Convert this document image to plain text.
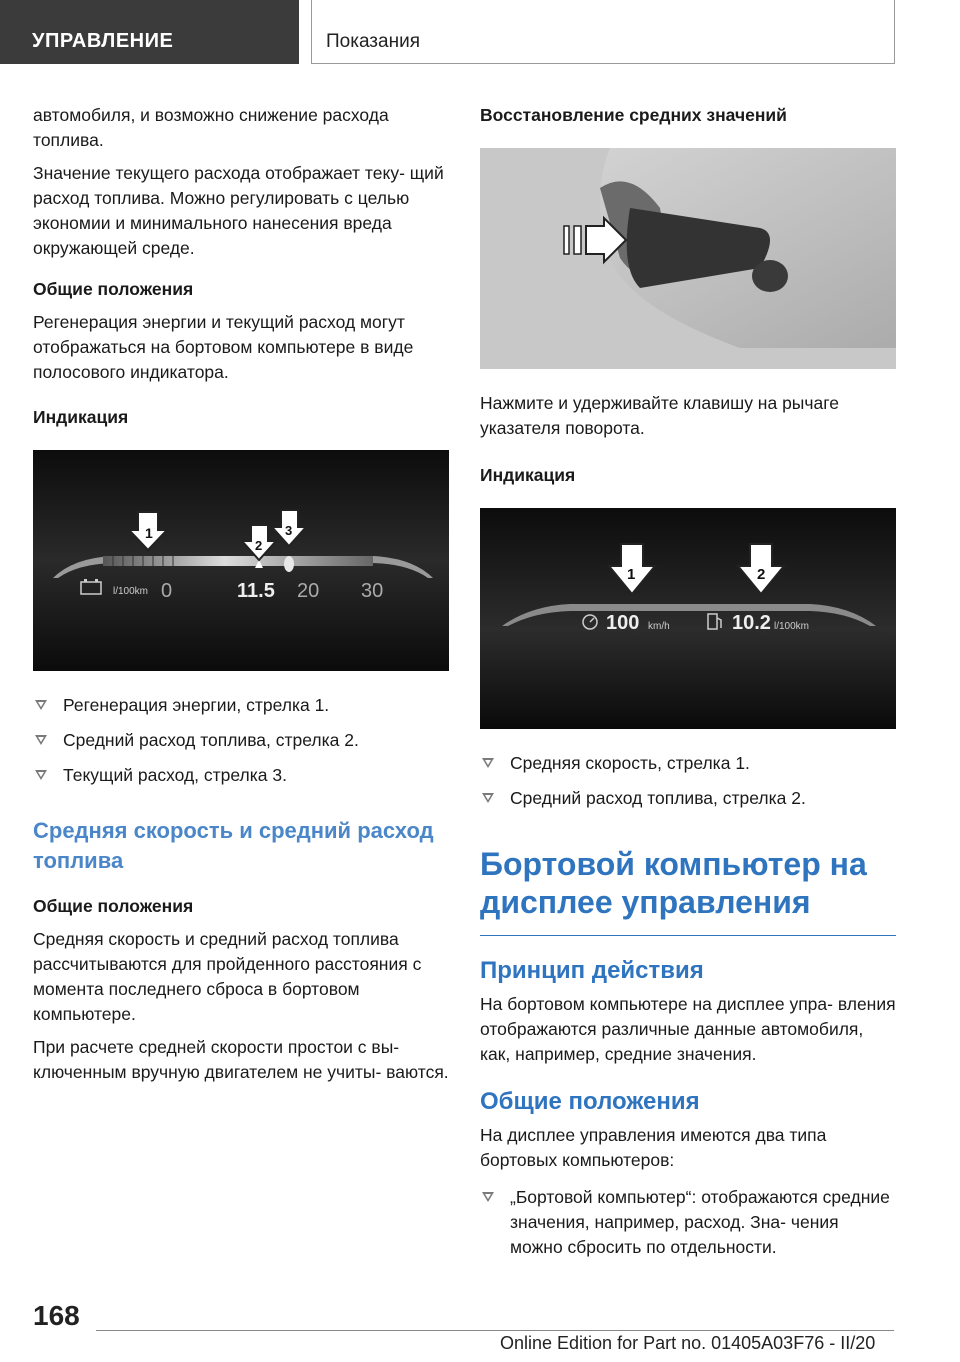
УПРАВЛЕНИЕ	Показания

автомобиля, и возможно снижение расхода топлива.

Значение текущего расхода отображает теку- щий расход топлива. Можно регулировать с целью экономии и минимального нанесения вреда окружающей среде.

Общие положения

Регенерация энергии и текущий расход могут отображаться на бортовом компьютере в виде полосового индикатора.

Индикация
1
2
3
l/100km 0	11.5 20 30
Регенерация энергии, стрелка 1.
Средний расход топлива, стрелка 2.
Текущий расход, стрелка 3.
Средняя скорость и средний расход топлива
Общие положения

Средняя скорость и средний расход топлива рассчитываются для пройденного расстояния с момента последнего сброса в бортовом компьютере.

При расчете средней скорости простои с вы- ключенным вручную двигателем не учиты- ваются.

Восстановление средних значений

Нажмите и удерживайте клавишу на рычаге указателя поворота.

Индикация
1	2
100 km/h	10.2 l/100km
Средняя скорость, стрелка 1.
Средний расход топлива, стрелка 2.
Бортовой компьютер на дисплее управления
Принцип действия

На бортовом компьютере на дисплее упра- вления отображаются различные данные автомобиля, как, например, средние значения.

Общие положения

На дисплее управления имеются два типа бортовых компьютеров:

„Бортовой компьютер“: отображаются средние значения, например, расход. Зна- чения можно сбросить по отдельности.
168
Online Edition for Part no. 01405A03F76 - II/20
